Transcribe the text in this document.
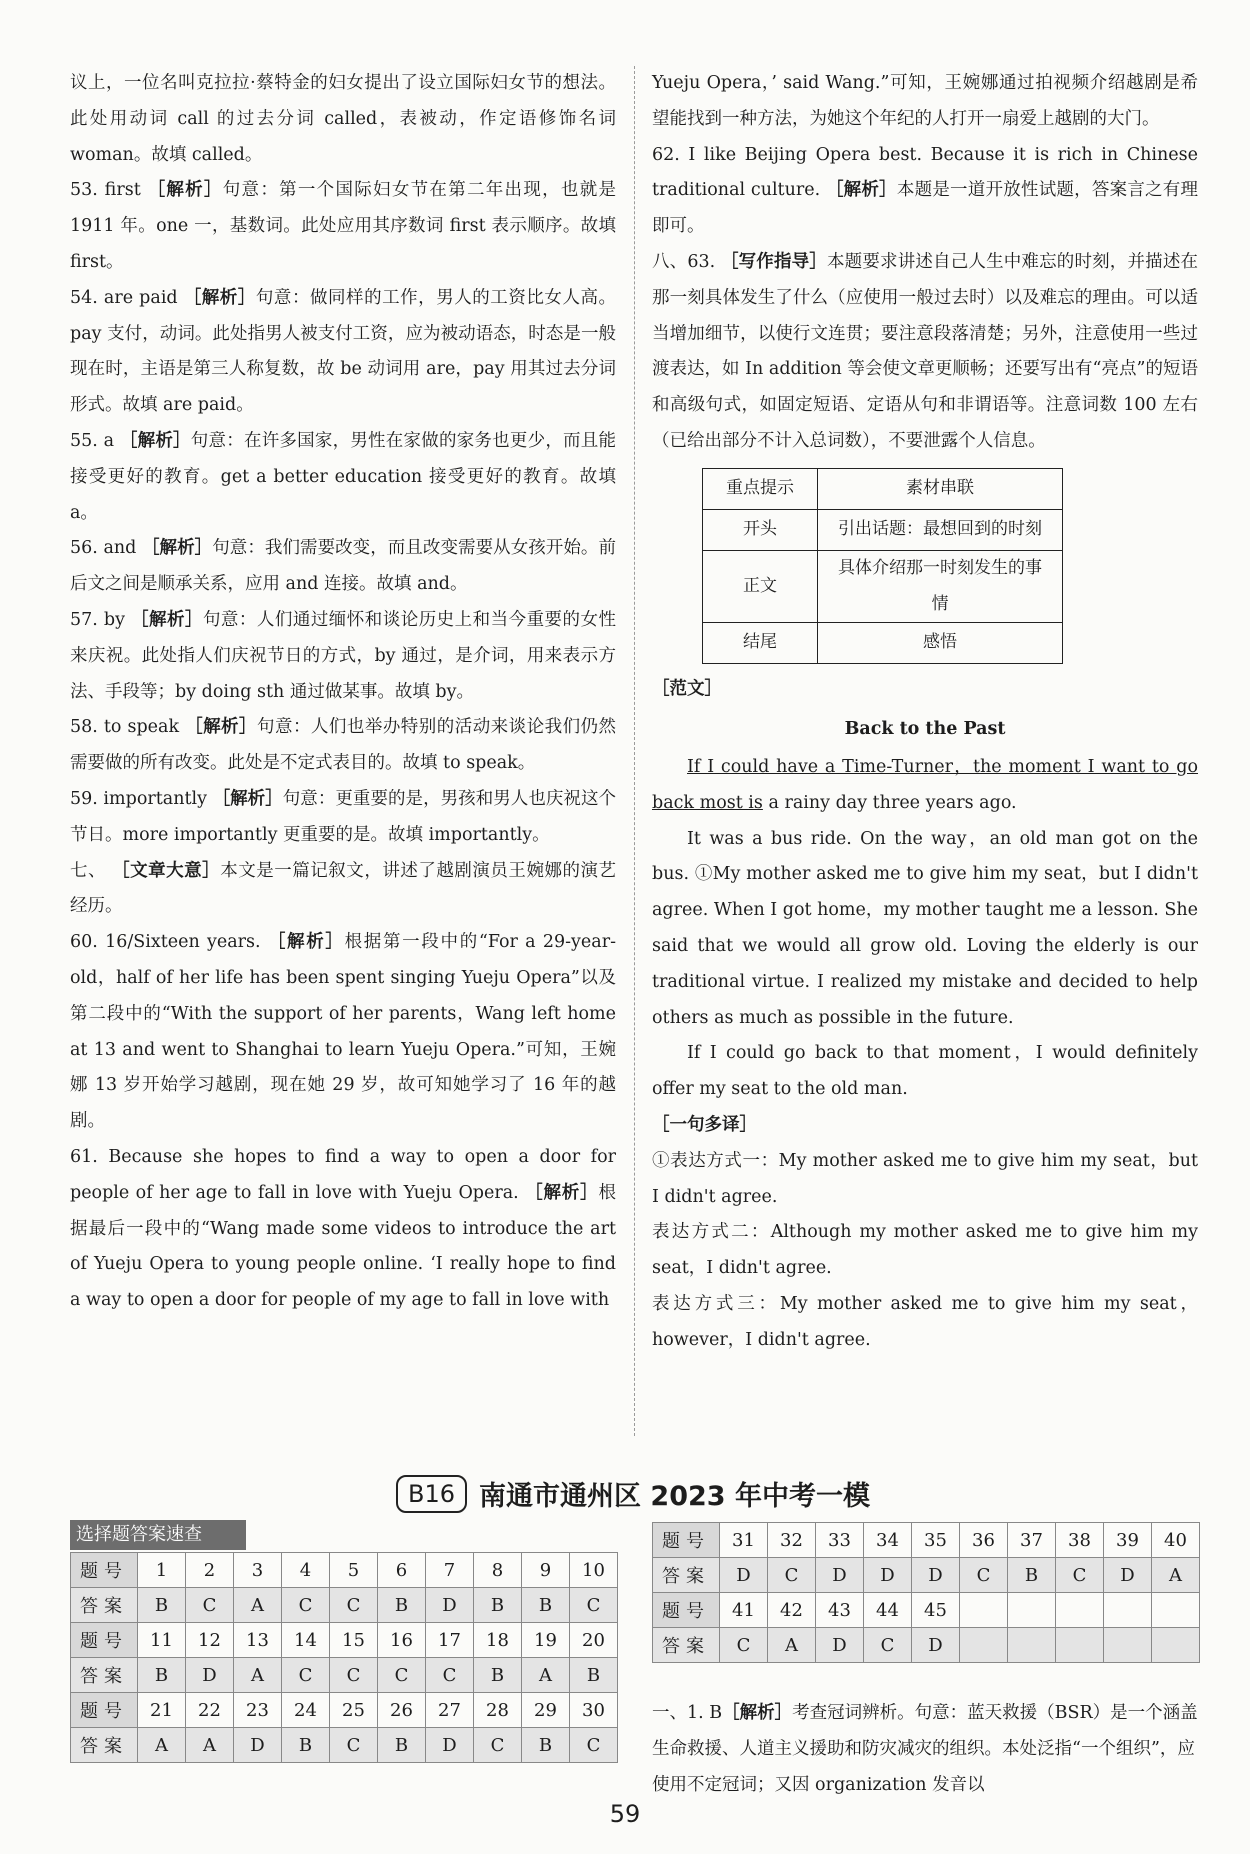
议上，一位名叫克拉拉·蔡特金的妇女提出了设立国际妇女节的想法。此处用动词 call 的过去分词 called，表被动，作定语修饰名词 woman。故填 called。

53. first ［解析］句意：第一个国际妇女节在第二年出现，也就是 1911 年。one 一，基数词。此处应用其序数词 first 表示顺序。故填 first。

54. are paid ［解析］句意：做同样的工作，男人的工资比女人高。pay 支付，动词。此处指男人被支付工资，应为被动语态，时态是一般现在时，主语是第三人称复数，故 be 动词用 are，pay 用其过去分词形式。故填 are paid。

55. a ［解析］句意：在许多国家，男性在家做的家务也更少，而且能接受更好的教育。get a better education 接受更好的教育。故填 a。

56. and ［解析］句意：我们需要改变，而且改变需要从女孩开始。前后文之间是顺承关系，应用 and 连接。故填 and。

57. by ［解析］句意：人们通过缅怀和谈论历史上和当今重要的女性来庆祝。此处指人们庆祝节日的方式，by 通过，是介词，用来表示方法、手段等；by doing sth 通过做某事。故填 by。

58. to speak ［解析］句意：人们也举办特别的活动来谈论我们仍然需要做的所有改变。此处是不定式表目的。故填 to speak。

59. importantly ［解析］句意：更重要的是，男孩和男人也庆祝这个节日。more importantly 更重要的是。故填 importantly。

七、 ［文章大意］本文是一篇记叙文，讲述了越剧演员王婉娜的演艺经历。

60. 16/Sixteen years. ［解析］根据第一段中的“For a 29-year-old，half of her life has been spent singing Yueju Opera”以及第二段中的“With the support of her parents，Wang left home at 13 and went to Shanghai to learn Yueju Opera.”可知，王婉娜 13 岁开始学习越剧，现在她 29 岁，故可知她学习了 16 年的越剧。

61. Because she hopes to find a way to open a door for people of her age to fall in love with Yueju Opera. ［解析］根据最后一段中的“Wang made some videos to introduce the art of Yueju Opera to young people online. ‘I really hope to find a way to open a door for people of my age to fall in love with

Yueju Opera，’ said Wang.”可知，王婉娜通过拍视频介绍越剧是希望能找到一种方法，为她这个年纪的人打开一扇爱上越剧的大门。

62. I like Beijing Opera best. Because it is rich in Chinese traditional culture. ［解析］本题是一道开放性试题，答案言之有理即可。

八、63. ［写作指导］本题要求讲述自己人生中难忘的时刻，并描述在那一刻具体发生了什么（应使用一般过去时）以及难忘的理由。可以适当增加细节，以使行文连贯；要注意段落清楚；另外，注意使用一些过渡表达，如 In addition 等会使文章更顺畅；还要写出有“亮点”的短语和高级句式，如固定短语、定语从句和非谓语等。注意词数 100 左右（已给出部分不计入总词数），不要泄露个人信息。

重点提示	素材串联
开头	引出话题：最想回到的时刻
正文	具体介绍那一时刻发生的事情
结尾	感悟

［范文］

Back to the Past

If I could have a Time-Turner，the moment I want to go back most is a rainy day three years ago.

It was a bus ride. On the way，an old man got on the bus. ①My mother asked me to give him my seat，but I didn't agree. When I got home，my mother taught me a lesson. She said that we would all grow old. Loving the elderly is our traditional virtue. I realized my mistake and decided to help others as much as possible in the future.

If I could go back to that moment，I would definitely offer my seat to the old man.

［一句多译］

①表达方式一：My mother asked me to give him my seat，but I didn't agree.

表达方式二：Although my mother asked me to give him my seat，I didn't agree.

表达方式三：My mother asked me to give him my seat，however，I didn't agree.

B16 南通市通州区 2023 年中考一模
选择题答案速查
题号	1	2	3	4	5	6	7	8	9	10
答案	B	C	A	C	C	B	D	B	B	C
题号	11	12	13	14	15	16	17	18	19	20
答案	B	D	A	C	C	C	C	B	A	B
题号	21	22	23	24	25	26	27	28	29	30
答案	A	A	D	B	C	B	D	C	B	C
题号	31	32	33	34	35	36	37	38	39	40
答案	D	C	D	D	D	C	B	C	D	A
题号	41	42	43	44	45					
答案	C	A	D	C	D					
一、1. B［解析］考查冠词辨析。句意：蓝天救援（BSR）是一个涵盖生命救援、人道主义援助和防灾减灾的组织。本处泛指“一个组织”，应使用不定冠词；又因 organization 发音以
59
